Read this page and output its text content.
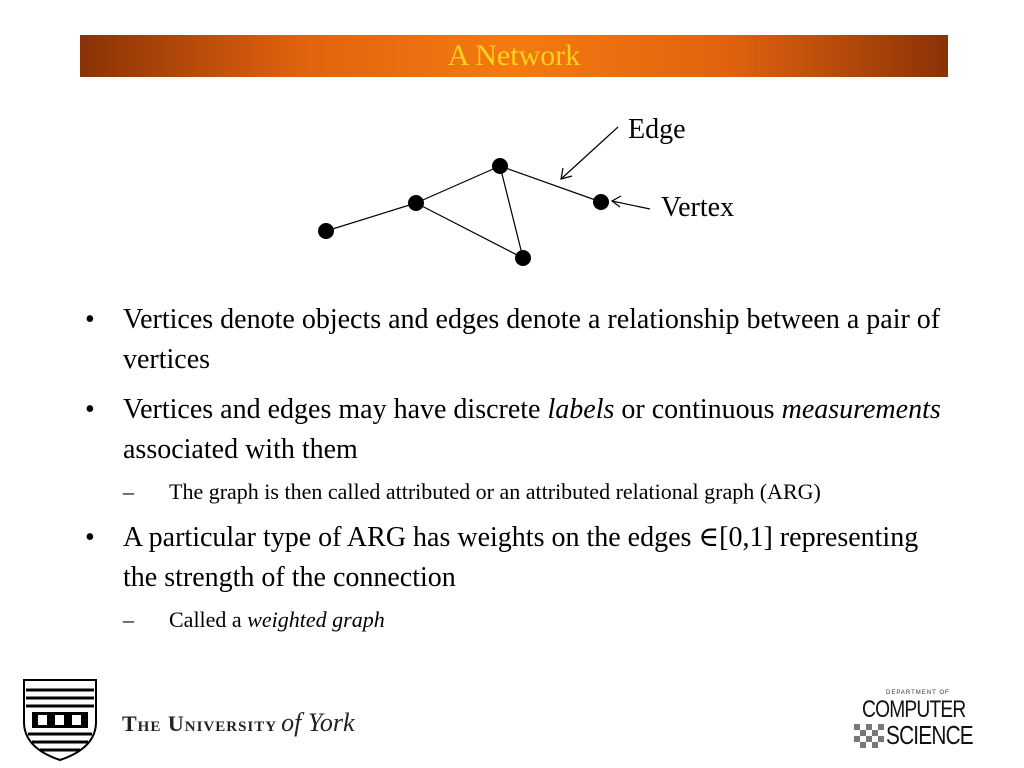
A Network
Edge
Vertex
• Vertices denote objects and edges denote a relationship between a pair of vertices
• Vertices and edges may have discrete labels or continuous measurements associated with them
– The graph is then called attributed or an attributed relational graph (ARG)
• A particular type of ARG has weights on the edges ∈[0,1] representing the strength of the connection
– Called a weighted graph
The University of York
DEPARTMENT OF
COMPUTER
SCIENCE
